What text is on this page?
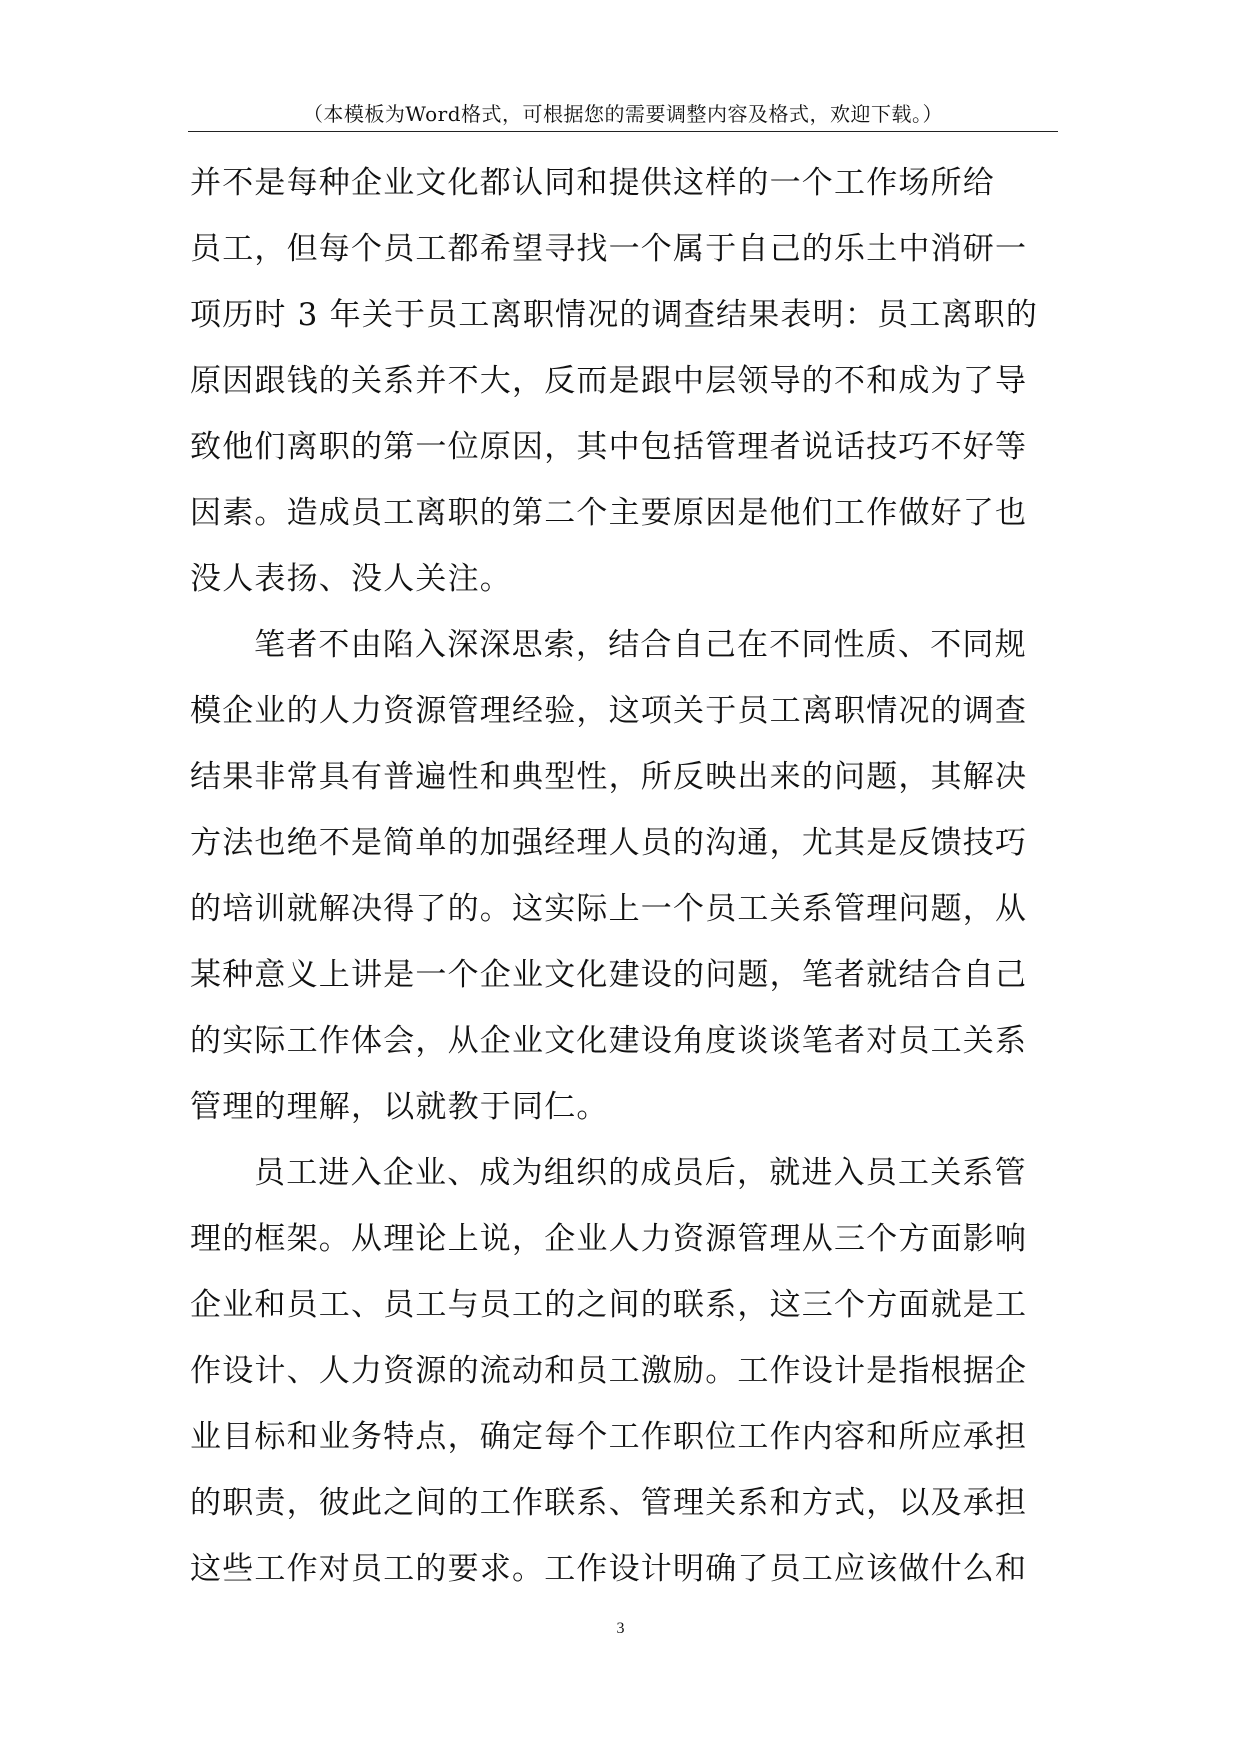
（本模板为Word格式，可根据您的需要调整内容及格式，欢迎下载。）
并不是每种企业文化都认同和提供这样的一个工作场所给
员工，但每个员工都希望寻找一个属于自己的乐土中消研一
项历时 3 年关于员工离职情况的调查结果表明：员工离职的
原因跟钱的关系并不大，反而是跟中层领导的不和成为了导
致他们离职的第一位原因，其中包括管理者说话技巧不好等
因素。造成员工离职的第二个主要原因是他们工作做好了也
没人表扬、没人关注。
笔者不由陷入深深思索，结合自己在不同性质、不同规
模企业的人力资源管理经验，这项关于员工离职情况的调查
结果非常具有普遍性和典型性，所反映出来的问题，其解决
方法也绝不是简单的加强经理人员的沟通，尤其是反馈技巧
的培训就解决得了的。这实际上一个员工关系管理问题，从
某种意义上讲是一个企业文化建设的问题，笔者就结合自己
的实际工作体会，从企业文化建设角度谈谈笔者对员工关系
管理的理解，以就教于同仁。
员工进入企业、成为组织的成员后，就进入员工关系管
理的框架。从理论上说，企业人力资源管理从三个方面影响
企业和员工、员工与员工的之间的联系，这三个方面就是工
作设计、人力资源的流动和员工激励。工作设计是指根据企
业目标和业务特点，确定每个工作职位工作内容和所应承担
的职责，彼此之间的工作联系、管理关系和方式，以及承担
这些工作对员工的要求。工作设计明确了员工应该做什么和
3
